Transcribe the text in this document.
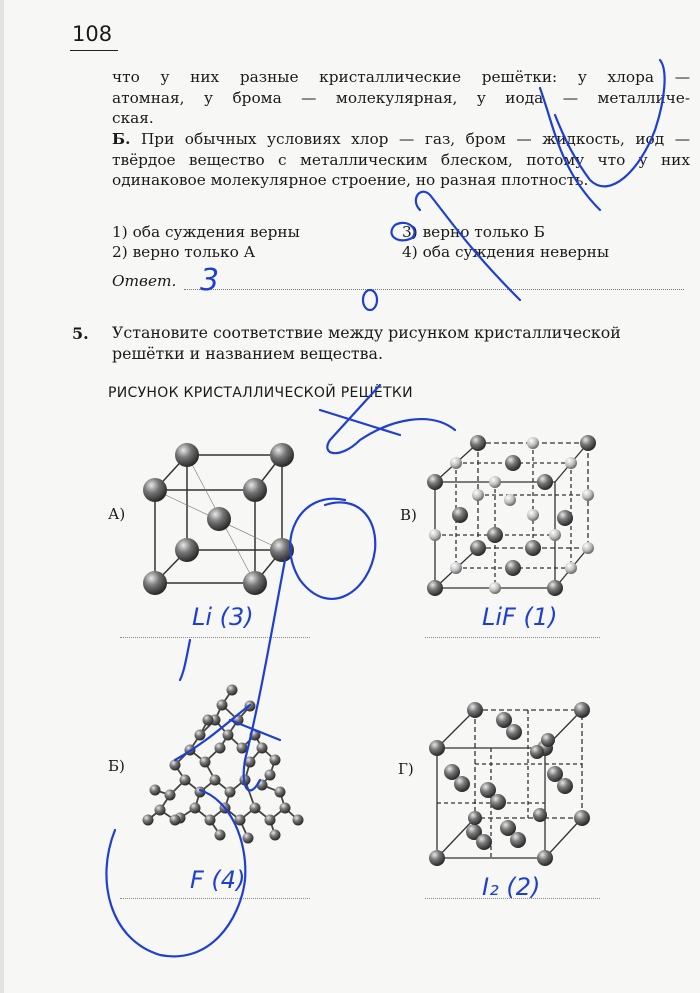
108
что у них разные кристаллические решётки: у хлора —
атомная, у брома — молекулярная, у иода — металличе-
ская.

Б. При обычных условиях хлор — газ, бром — жидкость, иод — твёрдое вещество с металлическим блеском, потому что у них одинаковое молекулярное строение, но разная плотность.

1) оба суждения верны
2) верно только А
3) верно только Б
4) оба суждения неверны
Ответ.
5. Установите соответствие между рисунком кристаллической решётки и названием вещества.
РИСУНОК КРИСТАЛЛИЧЕСКОЙ РЕШЁТКИ
А)	В)
Б)	Г)
3
Li (3)	LiF (1)
F (4)	I₂ (2)
